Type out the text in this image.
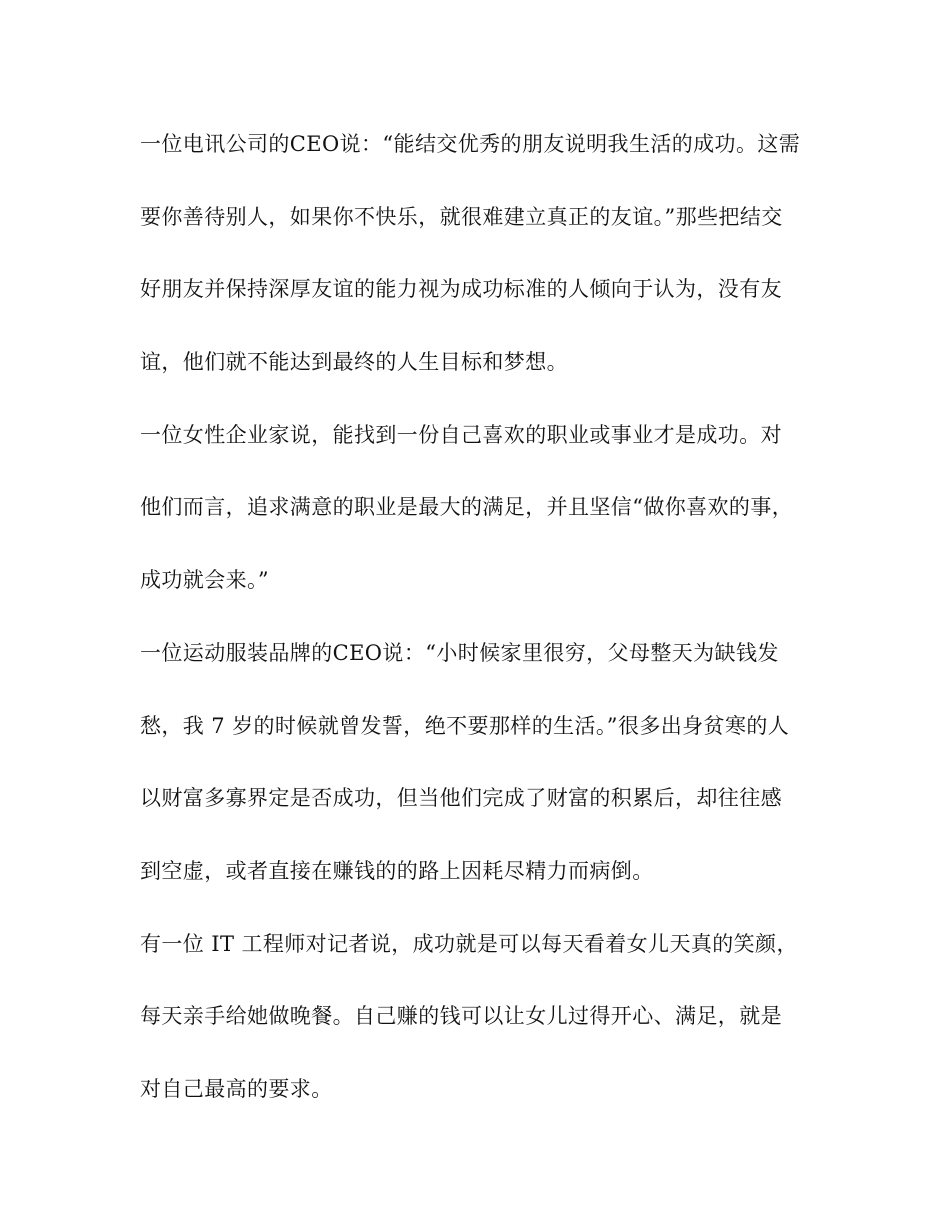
一位电讯公司的CEO说：“能结交优秀的朋友说明我生活的成功。这需
要你善待别人，如果你不快乐，就很难建立真正的友谊。”那些把结交
好朋友并保持深厚友谊的能力视为成功标准的人倾向于认为，没有友
谊，他们就不能达到最终的人生目标和梦想。
一位女性企业家说，能找到一份自己喜欢的职业或事业才是成功。对
他们而言，追求满意的职业是最大的满足，并且坚信“做你喜欢的事，
成功就会来。”
一位运动服装品牌的CEO说：“小时候家里很穷，父母整天为缺钱发
愁，我 7 岁的时候就曾发誓，绝不要那样的生活。”很多出身贫寒的人
以财富多寡界定是否成功，但当他们完成了财富的积累后，却往往感
到空虚，或者直接在赚钱的的路上因耗尽精力而病倒。
有一位 IT 工程师对记者说，成功就是可以每天看着女儿天真的笑颜，
每天亲手给她做晚餐。自己赚的钱可以让女儿过得开心、满足，就是
对自己最高的要求。
